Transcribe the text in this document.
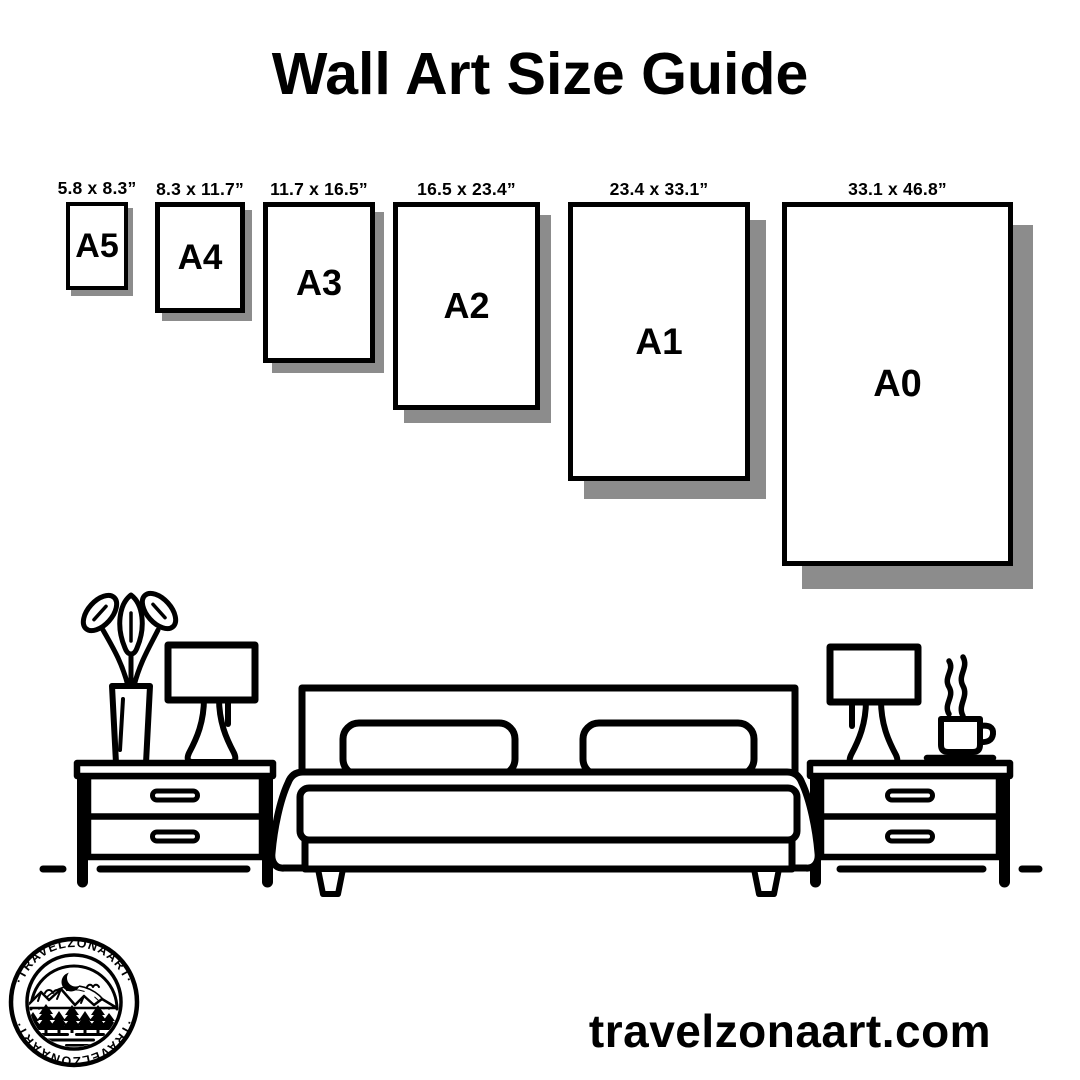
Wall Art Size Guide
5.8 x 8.3”
A5
8.3 x 11.7”
A4
11.7 x 16.5”
A3
16.5 x 23.4”
A2
23.4 x 33.1”
A1
33.1 x 46.8”
A0
·TRAVELZONAART·
·TRAVELZONAART·	travelzonaart.com
